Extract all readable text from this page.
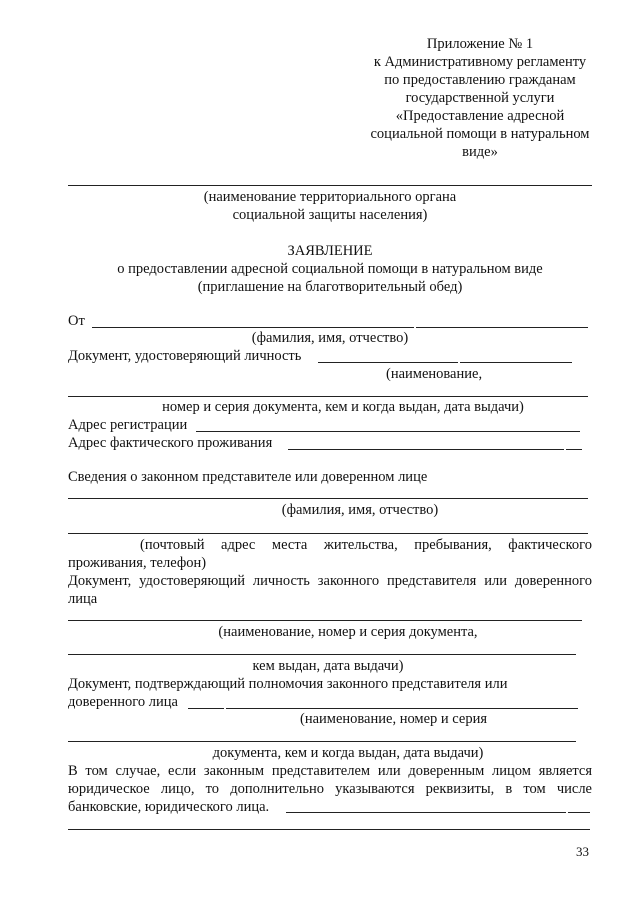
Приложение № 1
к Административному регламенту
по предоставлению гражданам
государственной услуги
«Предоставление адресной
социальной помощи в натуральном
виде»
(наименование территориального органа
социальной защиты населения)
ЗАЯВЛЕНИЕ
о предоставлении адресной социальной помощи в натуральном виде
(приглашение на благотворительный обед)
От
(фамилия, имя, отчество)
Документ, удостоверяющий личность
(наименование,
номер и серия документа, кем и когда выдан, дата выдачи)
Адрес регистрации
Адрес фактического проживания
Сведения о законном представителе или доверенном лице
(фамилия, имя, отчество)
(почтовый адрес места жительства, пребывания, фактического
проживания, телефон)
Документ, удостоверяющий личность законного представителя или доверенного
лица
(наименование, номер и серия документа,
кем выдан, дата выдачи)
Документ, подтверждающий полномочия законного представителя или
доверенного лица
(наименование, номер и серия
документа, кем и когда выдан, дата выдачи)
В том случае, если законным представителем или доверенным лицом является
юридическое лицо, то дополнительно указываются реквизиты, в том числе
банковские, юридического лица.
33
